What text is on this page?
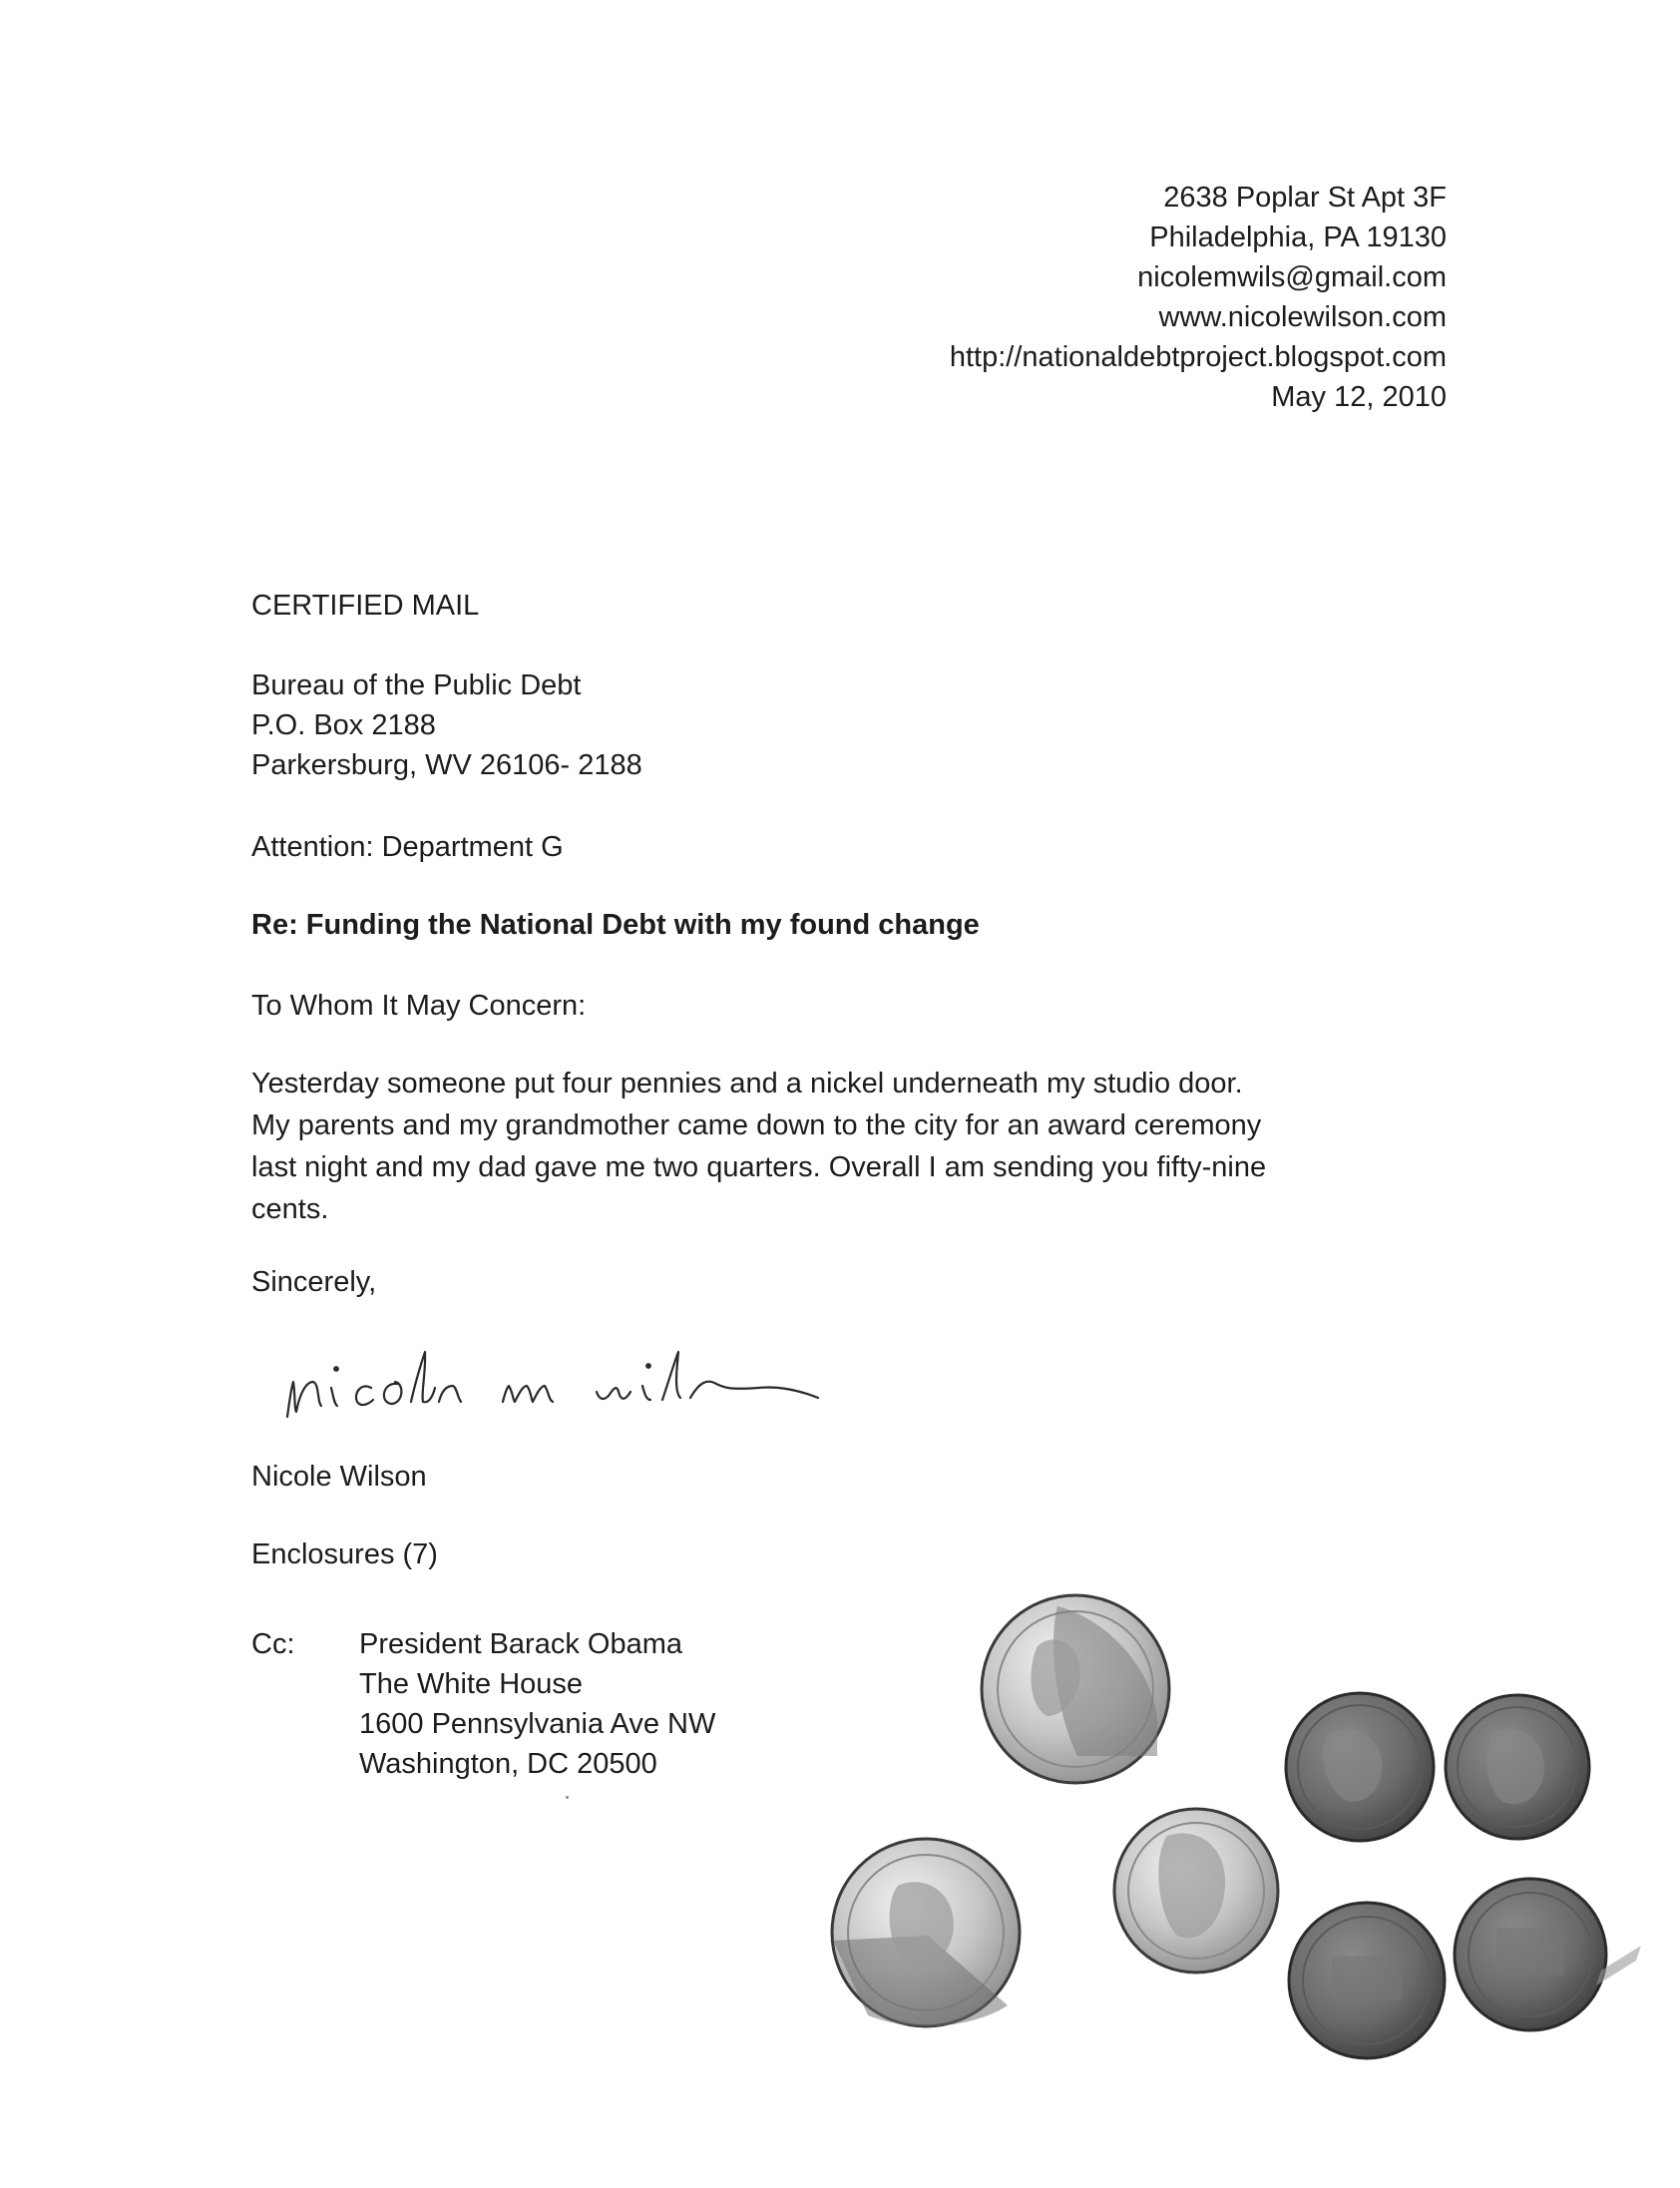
2638 Poplar St Apt 3F
Philadelphia, PA 19130
nicolemwils@gmail.com
www.nicolewilson.com
http://nationaldebtproject.blogspot.com
May 12, 2010
CERTIFIED MAIL
Bureau of the Public Debt
P.O. Box 2188
Parkersburg, WV 26106- 2188
Attention: Department G
Re: Funding the National Debt with my found change
To Whom It May Concern:
Yesterday someone put four pennies and a nickel underneath my studio door.
My parents and my grandmother came down to the city for an award ceremony
last night and my dad gave me two quarters. Overall I am sending you fifty-nine
cents.
Sincerely,
Nicole Wilson
Enclosures (7)
Cc: President Barack Obama
The White House
1600 Pennsylvania Ave NW
Washington, DC 20500
